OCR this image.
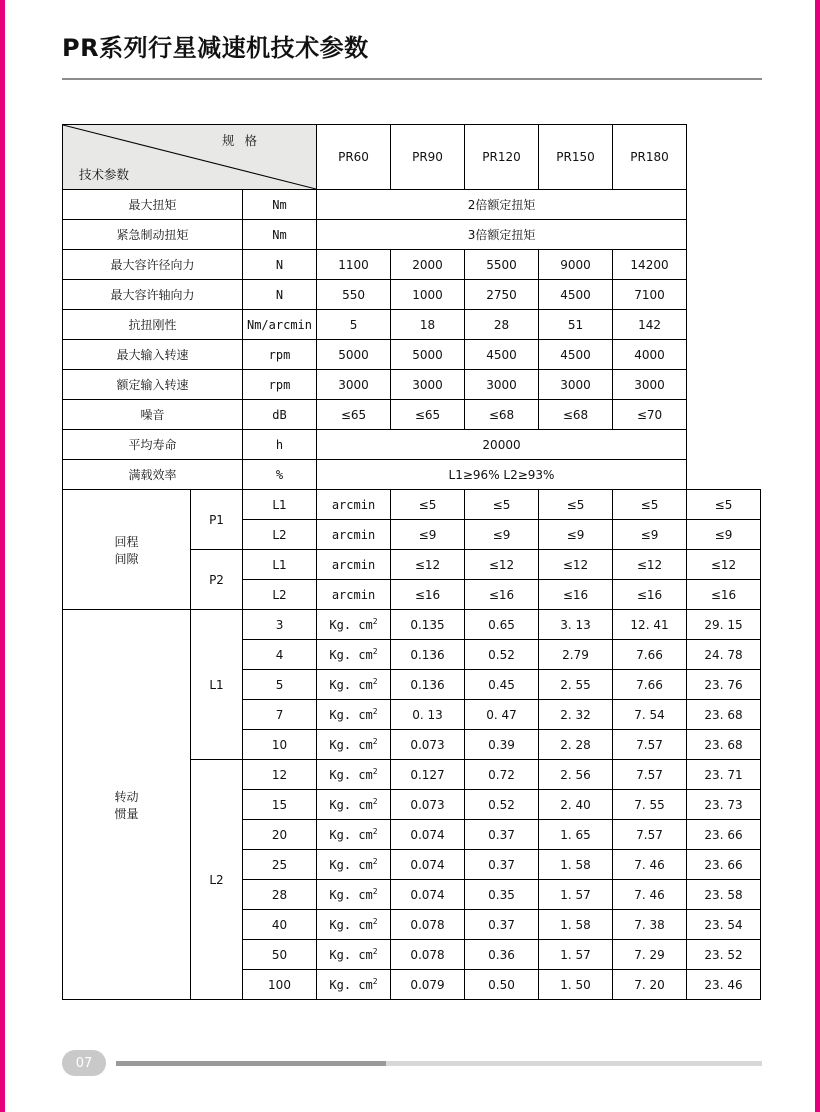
PR系列行星减速机技术参数
规 格
技术参数			PR60	PR90	PR120	PR150	PR180	
最大扭矩		Nm	2倍额定扭矩					
紧急制动扭矩		Nm	3倍额定扭矩					
最大容许径向力		N	1100	2000	5500	9000	14200	
最大容许轴向力		N	550	1000	2750	4500	7100	
抗扭刚性		Nm/arcmin	5	18	28	51	142	
最大输入转速		rpm	5000	5000	4500	4500	4000	
额定输入转速		rpm	3000	3000	3000	3000	3000	
噪音		dB	≤65	≤65	≤68	≤68	≤70	
平均寿命		h	20000					
满载效率		%	L1≥96% L2≥93%					

回程
间隙	P1	L1	arcmin	≤5	≤5	≤5	≤5	≤5
		L2	arcmin	≤9	≤9	≤9	≤9	≤9
	P2	L1	arcmin	≤12	≤12	≤12	≤12	≤12
		L2	arcmin	≤16	≤16	≤16	≤16	≤16

转动
惯量	L1	3	Kg. $cm^2$	0.135	0.65	3. 13	12. 41	29. 15
		4	Kg. $cm^2$	0.136	0.52	2.79	7.66	24. 78
		5	Kg. $cm^2$	0.136	0.45	2. 55	7.66	23. 76
		7	Kg. $cm^2$	0. 13	0. 47	2. 32	7. 54	23. 68
		10	Kg. $cm^2$	0.073	0.39	2. 28	7.57	23. 68
	L2	12	Kg. $cm^2$	0.127	0.72	2. 56	7.57	23. 71
		15	Kg. $cm^2$	0.073	0.52	2. 40	7. 55	23. 73
		20	Kg. $cm^2$	0.074	0.37	1. 65	7.57	23. 66
		25	Kg. $cm^2$	0.074	0.37	1. 58	7. 46	23. 66
		28	Kg. $cm^2$	0.074	0.35	1. 57	7. 46	23. 58
		40	Kg. $cm^2$	0.078	0.37	1. 58	7. 38	23. 54
		50	Kg. $cm^2$	0.078	0.36	1. 57	7. 29	23. 52
		100	Kg. $cm^2$	0.079	0.50	1. 50	7. 20	23. 46
07
